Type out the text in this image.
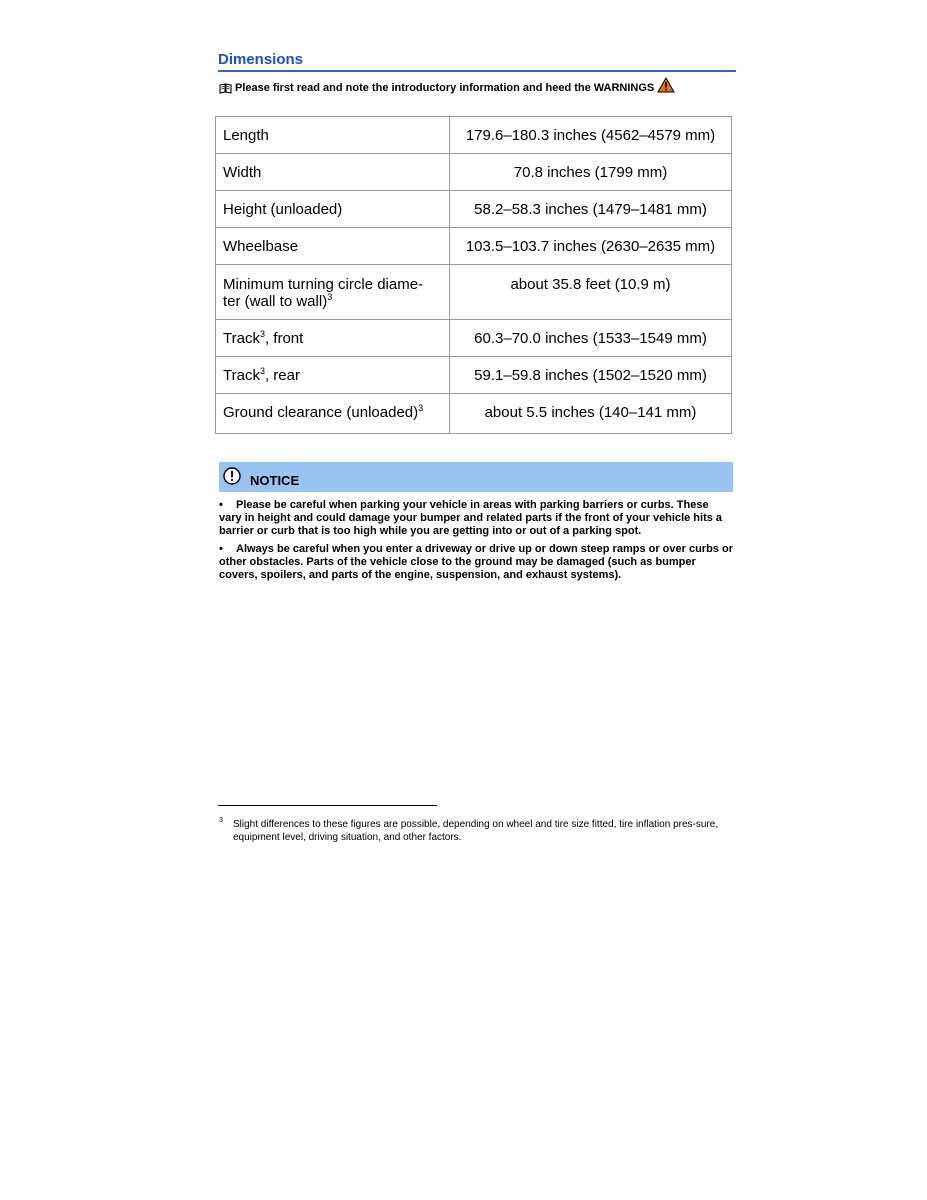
Dimensions
Please first read and note the introductory information and heed the WARNINGS
Length	179.6–180.3 inches (4562–4579 mm)
Width	70.8 inches (1799 mm)
Height (unloaded)	58.2–58.3 inches (1479–1481 mm)
Wheelbase	103.5–103.7 inches (2630–2635 mm)
Minimum turning circle diame-
ter (wall to wall)$^3$	about 35.8 feet (10.9 m)
Track$^3$, front	60.3–70.0 inches (1533–1549 mm)
Track$^3$, rear	59.1–59.8 inches (1502–1520 mm)
Ground clearance (unloaded)$^3$	about 5.5 inches (140–141 mm)
NOTICE
• Please be careful when parking your vehicle in areas with parking barriers or curbs. These vary in height and could damage your bumper and related parts if the front of your vehicle hits a barrier or curb that is too high while you are getting into or out of a parking spot.
• Always be careful when you enter a driveway or drive up or down steep ramps or over curbs or other obstacles. Parts of the vehicle close to the ground may be damaged (such as bumper covers, spoilers, and parts of the engine, suspension, and exhaust systems).
3	Slight differences to these figures are possible, depending on wheel and tire size fitted, tire inflation pres-sure, equipment level, driving situation, and other factors.
